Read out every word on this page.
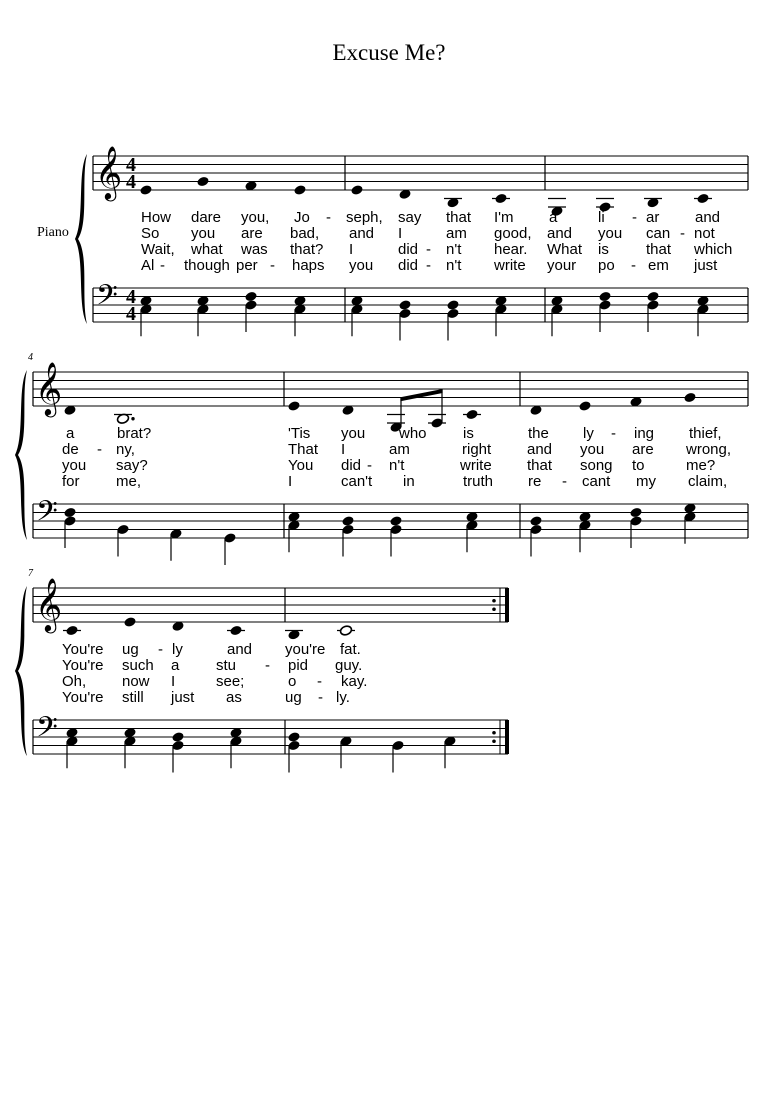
Excuse Me?
Piano
𝄞
𝄢
4
4
4
4
𝄞
𝄢
𝄞
𝄢
How dare you, Jo - seph, say that I'm a	li - ar and
a	brat?	'Tis you who is	the ly - ing thief,
You're ug - ly	and you're fat.
So you are bad, and I	am good, and you can - not
de - ny,	That I	am	right and you are wrong,
You're such a stu - pid guy.
Wait, what was that? I	did - n't hear. What is that which
you say?	You did - n't	write that song to	me?
Oh, now I	see;	o - kay.
Al - though per - haps you did - n't write your po - em just
for me,	I	can't in	truth re - cant my claim,
You're still just as	ug - ly.
4
7
